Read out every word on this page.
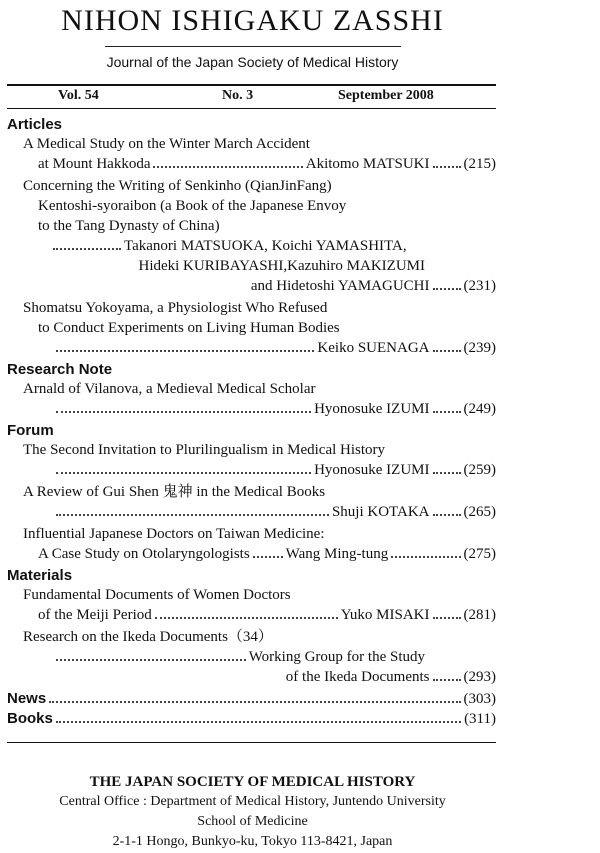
NIHON ISHIGAKU ZASSHI
Journal of the Japan Society of Medical History
Vol. 54	No. 3	September 2008
Articles
A Medical Study on the Winter March Accident
at Mount Hakkoda	Akitomo MATSUKI (215)
Concerning the Writing of Senkinho (QianJinFang)
Kentoshi-syoraibon (a Book of the Japanese Envoy
to the Tang Dynasty of China)
Takanori MATSUOKA, Koichi YAMASHITA,
Hideki KURIBAYASHI,Kazuhiro MAKIZUMI
and Hidetoshi YAMAGUCHI (231)
Shomatsu Yokoyama, a Physiologist Who Refused
to Conduct Experiments on Living Human Bodies
Keiko SUENAGA (239)
Research Note
Arnald of Vilanova, a Medieval Medical Scholar
Hyonosuke IZUMI (249)
Forum
The Second Invitation to Plurilingualism in Medical History
Hyonosuke IZUMI (259)
A Review of Gui Shen 鬼神 in the Medical Books
Shuji KOTAKA (265)
Influential Japanese Doctors on Taiwan Medicine:
A Case Study on Otolaryngologists Wang Ming-tung	(275)
Materials
Fundamental Documents of Women Doctors
of the Meiji Period	Yuko MISAKI (281)
Research on the Ikeda Documents（34）
Working Group for the Study
of the Ikeda Documents (293)
News	(303)
Books	(311)
THE JAPAN SOCIETY OF MEDICAL HISTORY
Central Office : Department of Medical History, Juntendo University
School of Medicine
2-1-1 Hongo, Bunkyo-ku, Tokyo 113-8421, Japan
